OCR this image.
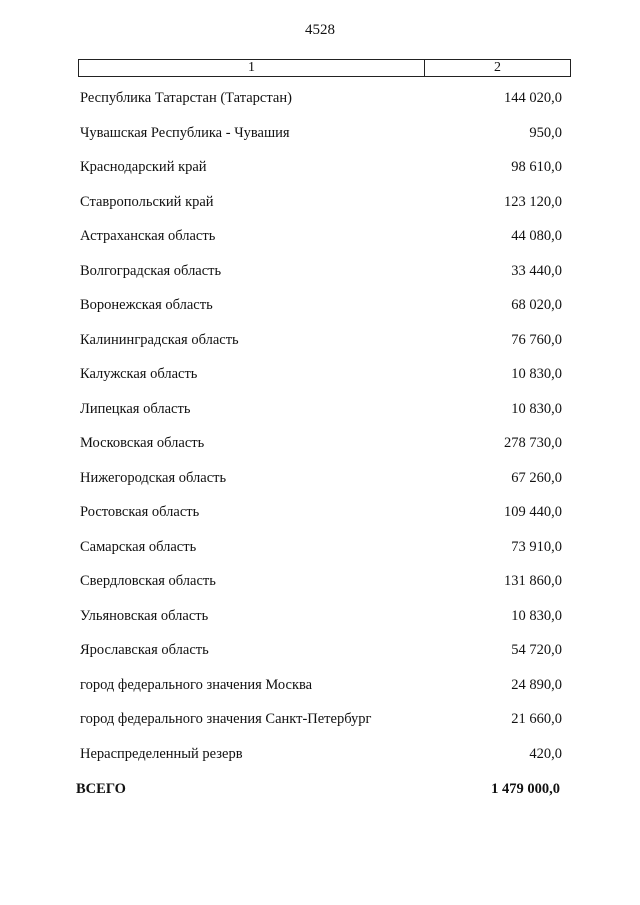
4528
1	2
Республика Татарстан (Татарстан)	144 020,0
Чувашская Республика - Чувашия	950,0
Краснодарский край	98 610,0
Ставропольский край	123 120,0
Астраханская область	44 080,0
Волгоградская область	33 440,0
Воронежская область	68 020,0
Калининградская область	76 760,0
Калужская область	10 830,0
Липецкая область	10 830,0
Московская область	278 730,0
Нижегородская область	67 260,0
Ростовская область	109 440,0
Самарская область	73 910,0
Свердловская область	131 860,0
Ульяновская область	10 830,0
Ярославская область	54 720,0
город федерального значения Москва	24 890,0
город федерального значения Санкт-Петербург	21 660,0
Нераспределенный резерв	420,0
ВСЕГО	1 479 000,0
